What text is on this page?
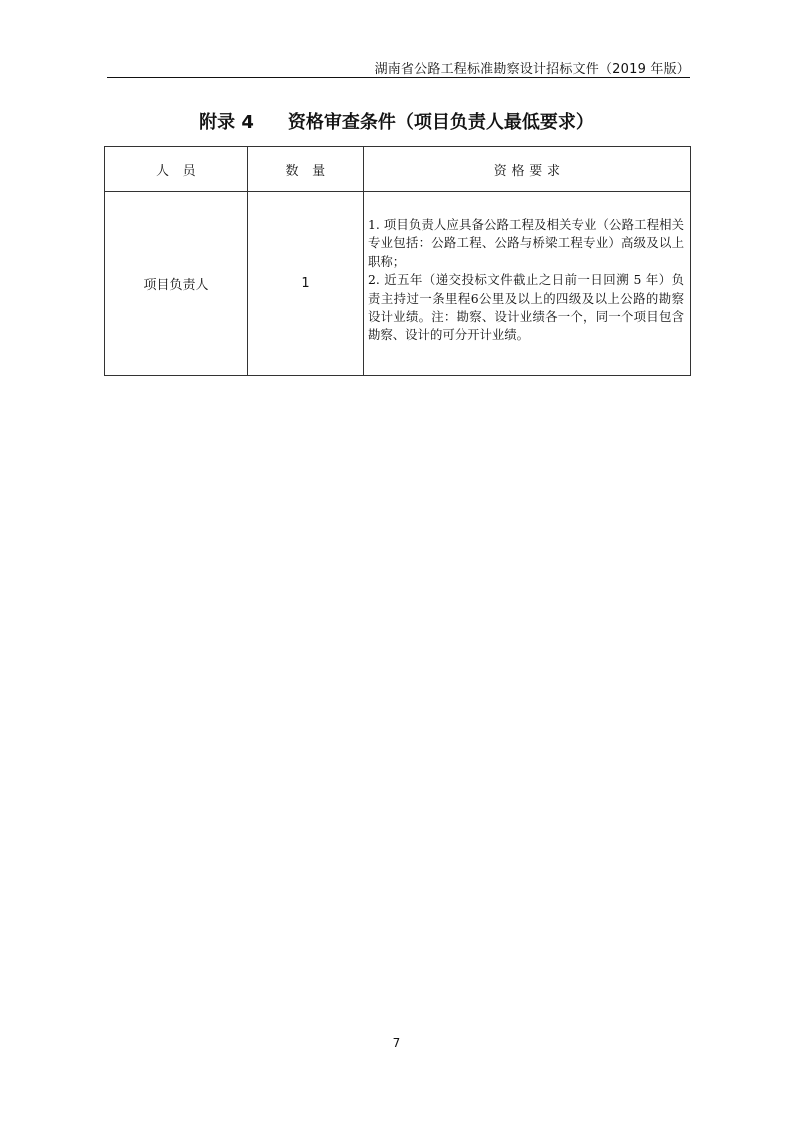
湖南省公路工程标准勘察设计招标文件（2019 年版）
附录 4 资格审查条件（项目负责人最低要求）
人　员	数　量	资 格 要 求
项目负责人	1	1. 项目负责人应具备公路工程及相关专业（公路工程相关专业包括：公路工程、公路与桥梁工程专业）高级及以上职称；
2. 近五年（递交投标文件截止之日前一日回溯 5 年）负责主持过一条里程6公里及以上的四级及以上公路的勘察设计业绩。注：勘察、设计业绩各一个，同一个项目包含勘察、设计的可分开计业绩。
7
